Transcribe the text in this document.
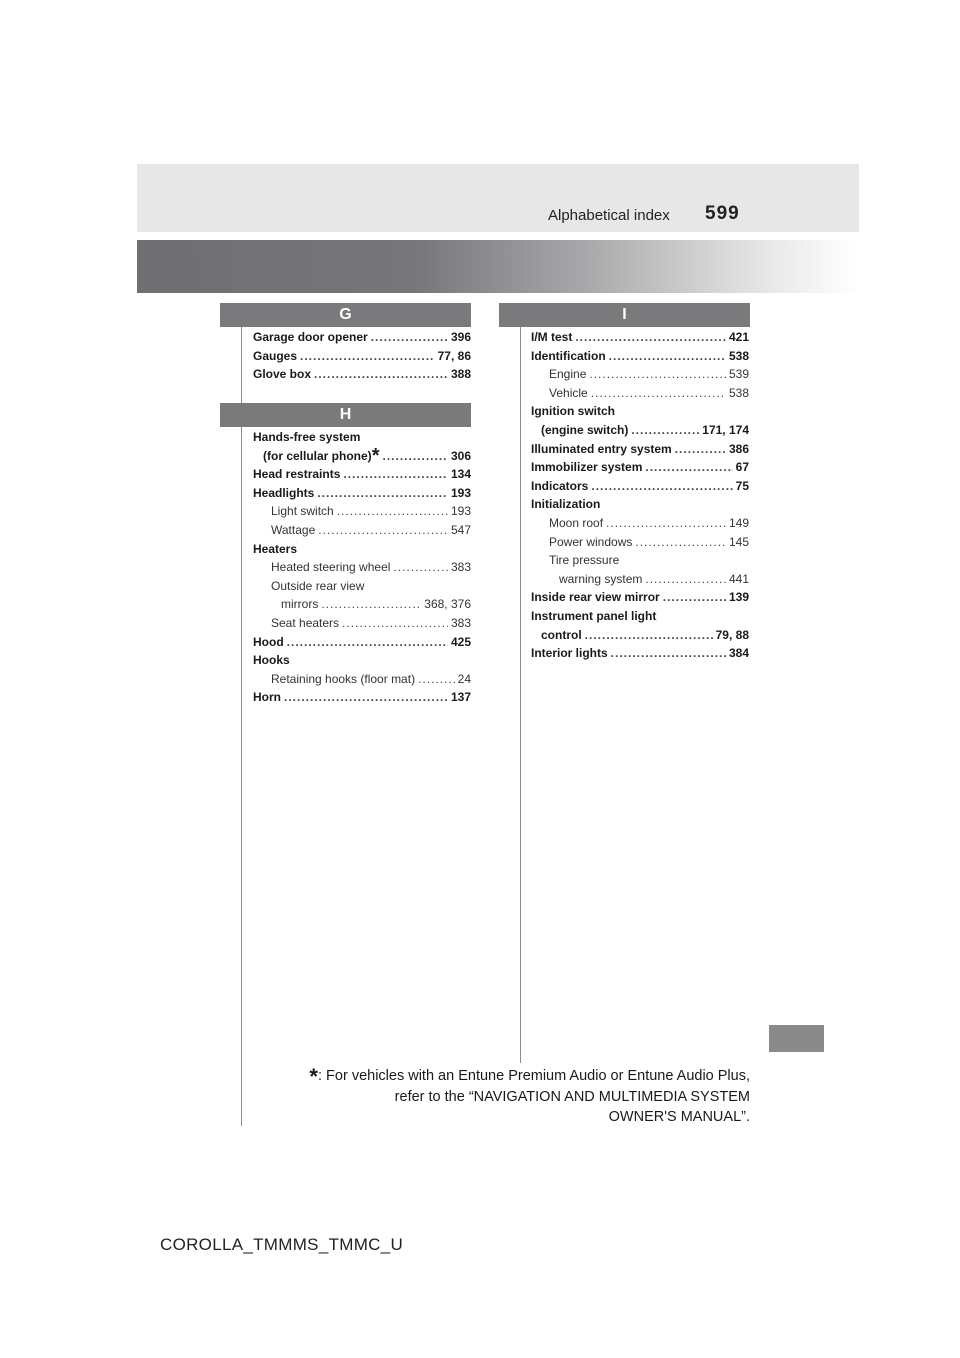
Alphabetical index 599
G
Garage door opener .....	396
Gauges .....	77, 86
Glove box .....	388
H
Hands-free system
(for cellular phone)* .....	306
Head restraints .....	134
Headlights .....	193
Light switch .....	193
Wattage .....	547
Heaters
Heated steering wheel .....	383
Outside rear view
mirrors .....	368, 376
Seat heaters .....	383
Hood .....	425
Hooks
Retaining hooks (floor mat) .....	24
Horn .....	137
I
I/M test .....	421
Identification .....	538
Engine .....	539
Vehicle .....	538
Ignition switch
(engine switch) .....	171, 174
Illuminated entry system .....	386
Immobilizer system .....	67
Indicators .....	75
Initialization
Moon roof .....	149
Power windows .....	145
Tire pressure
warning system .....	441
Inside rear view mirror .....	139
Instrument panel light
control .....	79, 88
Interior lights .....	384
*: For vehicles with an Entune Premium Audio or Entune Audio Plus,
refer to the “NAVIGATION AND MULTIMEDIA SYSTEM
OWNER'S MANUAL”.
COROLLA_TMMMS_TMMC_U
